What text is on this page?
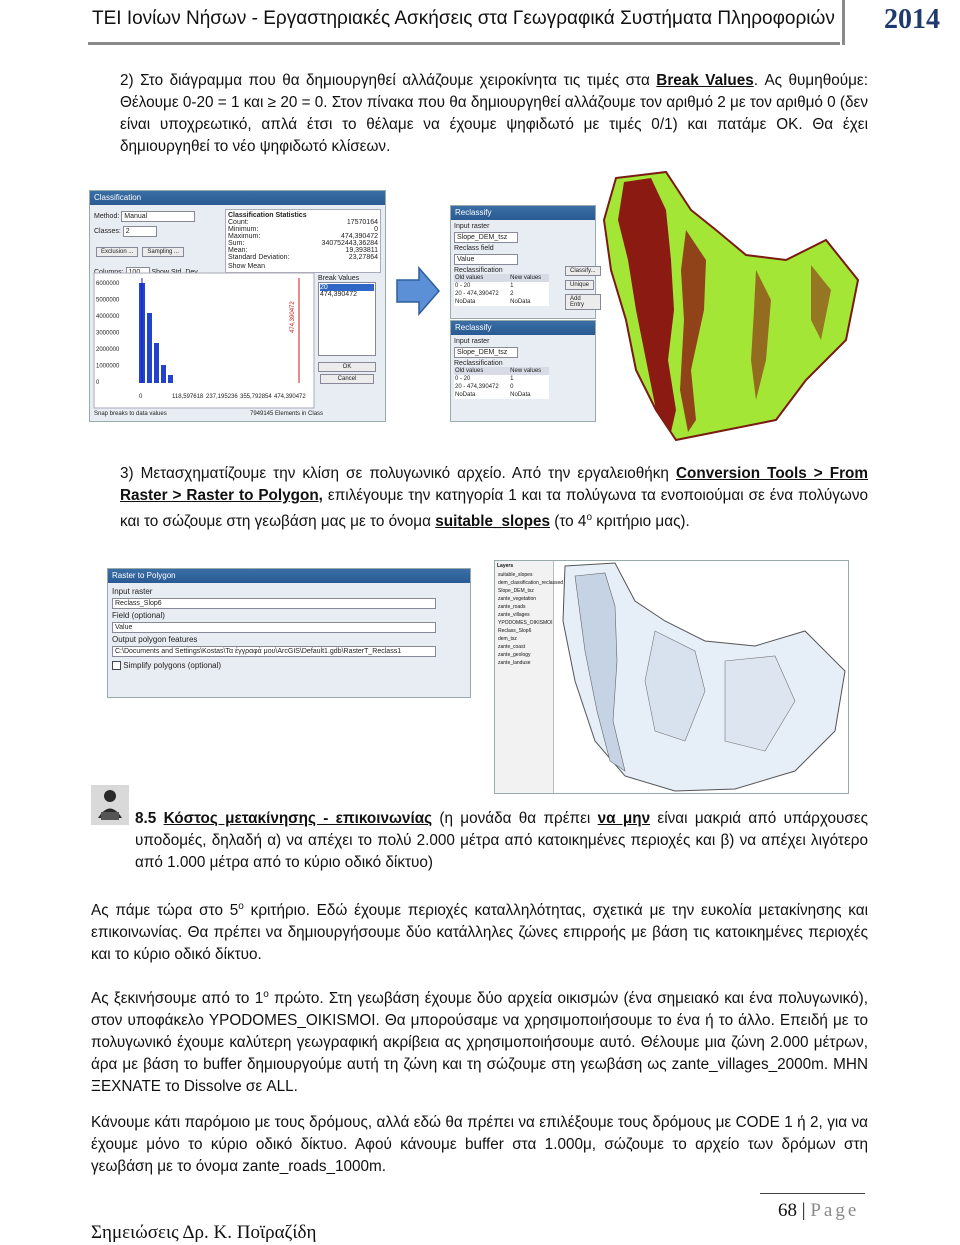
ΤΕΙ Ιονίων Νήσων - Εργαστηριακές Ασκήσεις στα Γεωγραφικά Συστήματα Πληροφοριών 2014
2) Στο διάγραμμα που θα δημιουργηθεί αλλάζουμε χειροκίνητα τις τιμές στα Break Values. Ας θυμηθούμε: Θέλουμε 0-20 = 1 και ≥ 20 = 0. Στον πίνακα που θα δημιουργηθεί αλλάζουμε τον αριθμό 2 με τον αριθμό 0 (δεν είναι υποχρεωτικό, απλά έτσι το θέλαμε να έχουμε ψηφιδωτό με τιμές 0/1) και πατάμε ΟΚ. Θα έχει δημιουργηθεί το νέο ψηφιδωτό κλίσεων.
Classification
Method: Manual
Classes: 2
Exclusion ... Sampling ...
Classification Statistics
Count:	17570164
Minimum:	0
Maximum:	474,390472
Sum:	340752443,36284
Mean:	19,393811
Standard Deviation:	23,27864
Show Mean
6000000
5000000
4000000
3000000
2000000
1000000
0
0	118,597618 237,195236 355,792854 474,390472
474,390472
Break Values
20
474,390472
OK
Cancel
Snap breaks to data values	7949145 Elements in Class
Reclassify
Input raster
Slope_DEM_tsz
Reclass field
Value
Reclassification
Old values	New values
0 - 20	1
20 - 474,390472	2
NoData	NoData
Classify... Unique Add Entry
Reclassify
Input raster
Slope_DEM_tsz
Reclassification
Old values	New values
0 - 20	1
20 - 474,390472	0
NoData	NoData
3) Μετασχηματίζουμε την κλίση σε πολυγωνικό αρχείο. Από την εργαλειοθήκη Conversion Tools > From Raster > Raster to Polygon, επιλέγουμε την κατηγορία 1 και τα πολύγωνα τα ενοποιούμαι σε ένα πολύγωνο και το σώζουμε στη γεωβάση μας με το όνομα suitable_slopes (το $4^o$ κριτήριο μας).
Raster to Polygon
Input raster
Reclass_Slop6
Field (optional)
Value
Output polygon features
C:\Documents and Settings\Kostas\Τα έγγραφά μου\ArcGIS\Default1.gdb\RasterT_Reclass1
Simplify polygons (optional)
Layers
suitable_slopes
dem_classification_reclassed
Slope_DEM_tsz
zante_vegetation
zante_roads
zante_villages
YPODOMES_OIKISMOI
Reclass_Slop6
dem_tsz
zante_coast
zante_geology
zante_landuse
8.5 Κόστος μετακίνησης - επικοινωνίας (η μονάδα θα πρέπει να μην είναι μακριά από υπάρχουσες υποδομές, δηλαδή α) να απέχει το πολύ 2.000 μέτρα από κατοικημένες περιοχές και β) να απέχει λιγότερο από 1.000 μέτρα από το κύριο οδικό δίκτυο)
Ας πάμε τώρα στο $5^o$ κριτήριο. Εδώ έχουμε περιοχές καταλληλότητας, σχετικά με την ευκολία μετακίνησης και επικοινωνίας. Θα πρέπει να δημιουργήσουμε δύο κατάλληλες ζώνες επιρροής με βάση τις κατοικημένες περιοχές και το κύριο οδικό δίκτυο.
Ας ξεκινήσουμε από το $1^o$ πρώτο. Στη γεωβάση έχουμε δύο αρχεία οικισμών (ένα σημειακό και ένα πολυγωνικό), στον υποφάκελο YPODOMES_OIKISMOI. Θα μπορούσαμε να χρησιμοποιήσουμε το ένα ή το άλλο. Επειδή με το πολυγωνικό έχουμε καλύτερη γεωγραφική ακρίβεια ας χρησιμοποιήσουμε αυτό. Θέλουμε μια ζώνη 2.000 μέτρων, άρα με βάση το buffer δημιουργούμε αυτή τη ζώνη και τη σώζουμε στη γεωβάση ως zante_villages_2000m. ΜΗΝ ΞΕΧΝΑΤΕ το Dissolve σε ALL.
Κάνουμε κάτι παρόμοιο με τους δρόμους, αλλά εδώ θα πρέπει να επιλέξουμε τους δρόμους με CODE 1 ή 2, για να έχουμε μόνο το κύριο οδικό δίκτυο. Αφού κάνουμε buffer στα 1.000μ, σώζουμε το αρχείο των δρόμων στη γεωβάση με το όνομα zante_roads_1000m.
68 | Page
Σημειώσεις Δρ. Κ. Ποϊραζίδη
